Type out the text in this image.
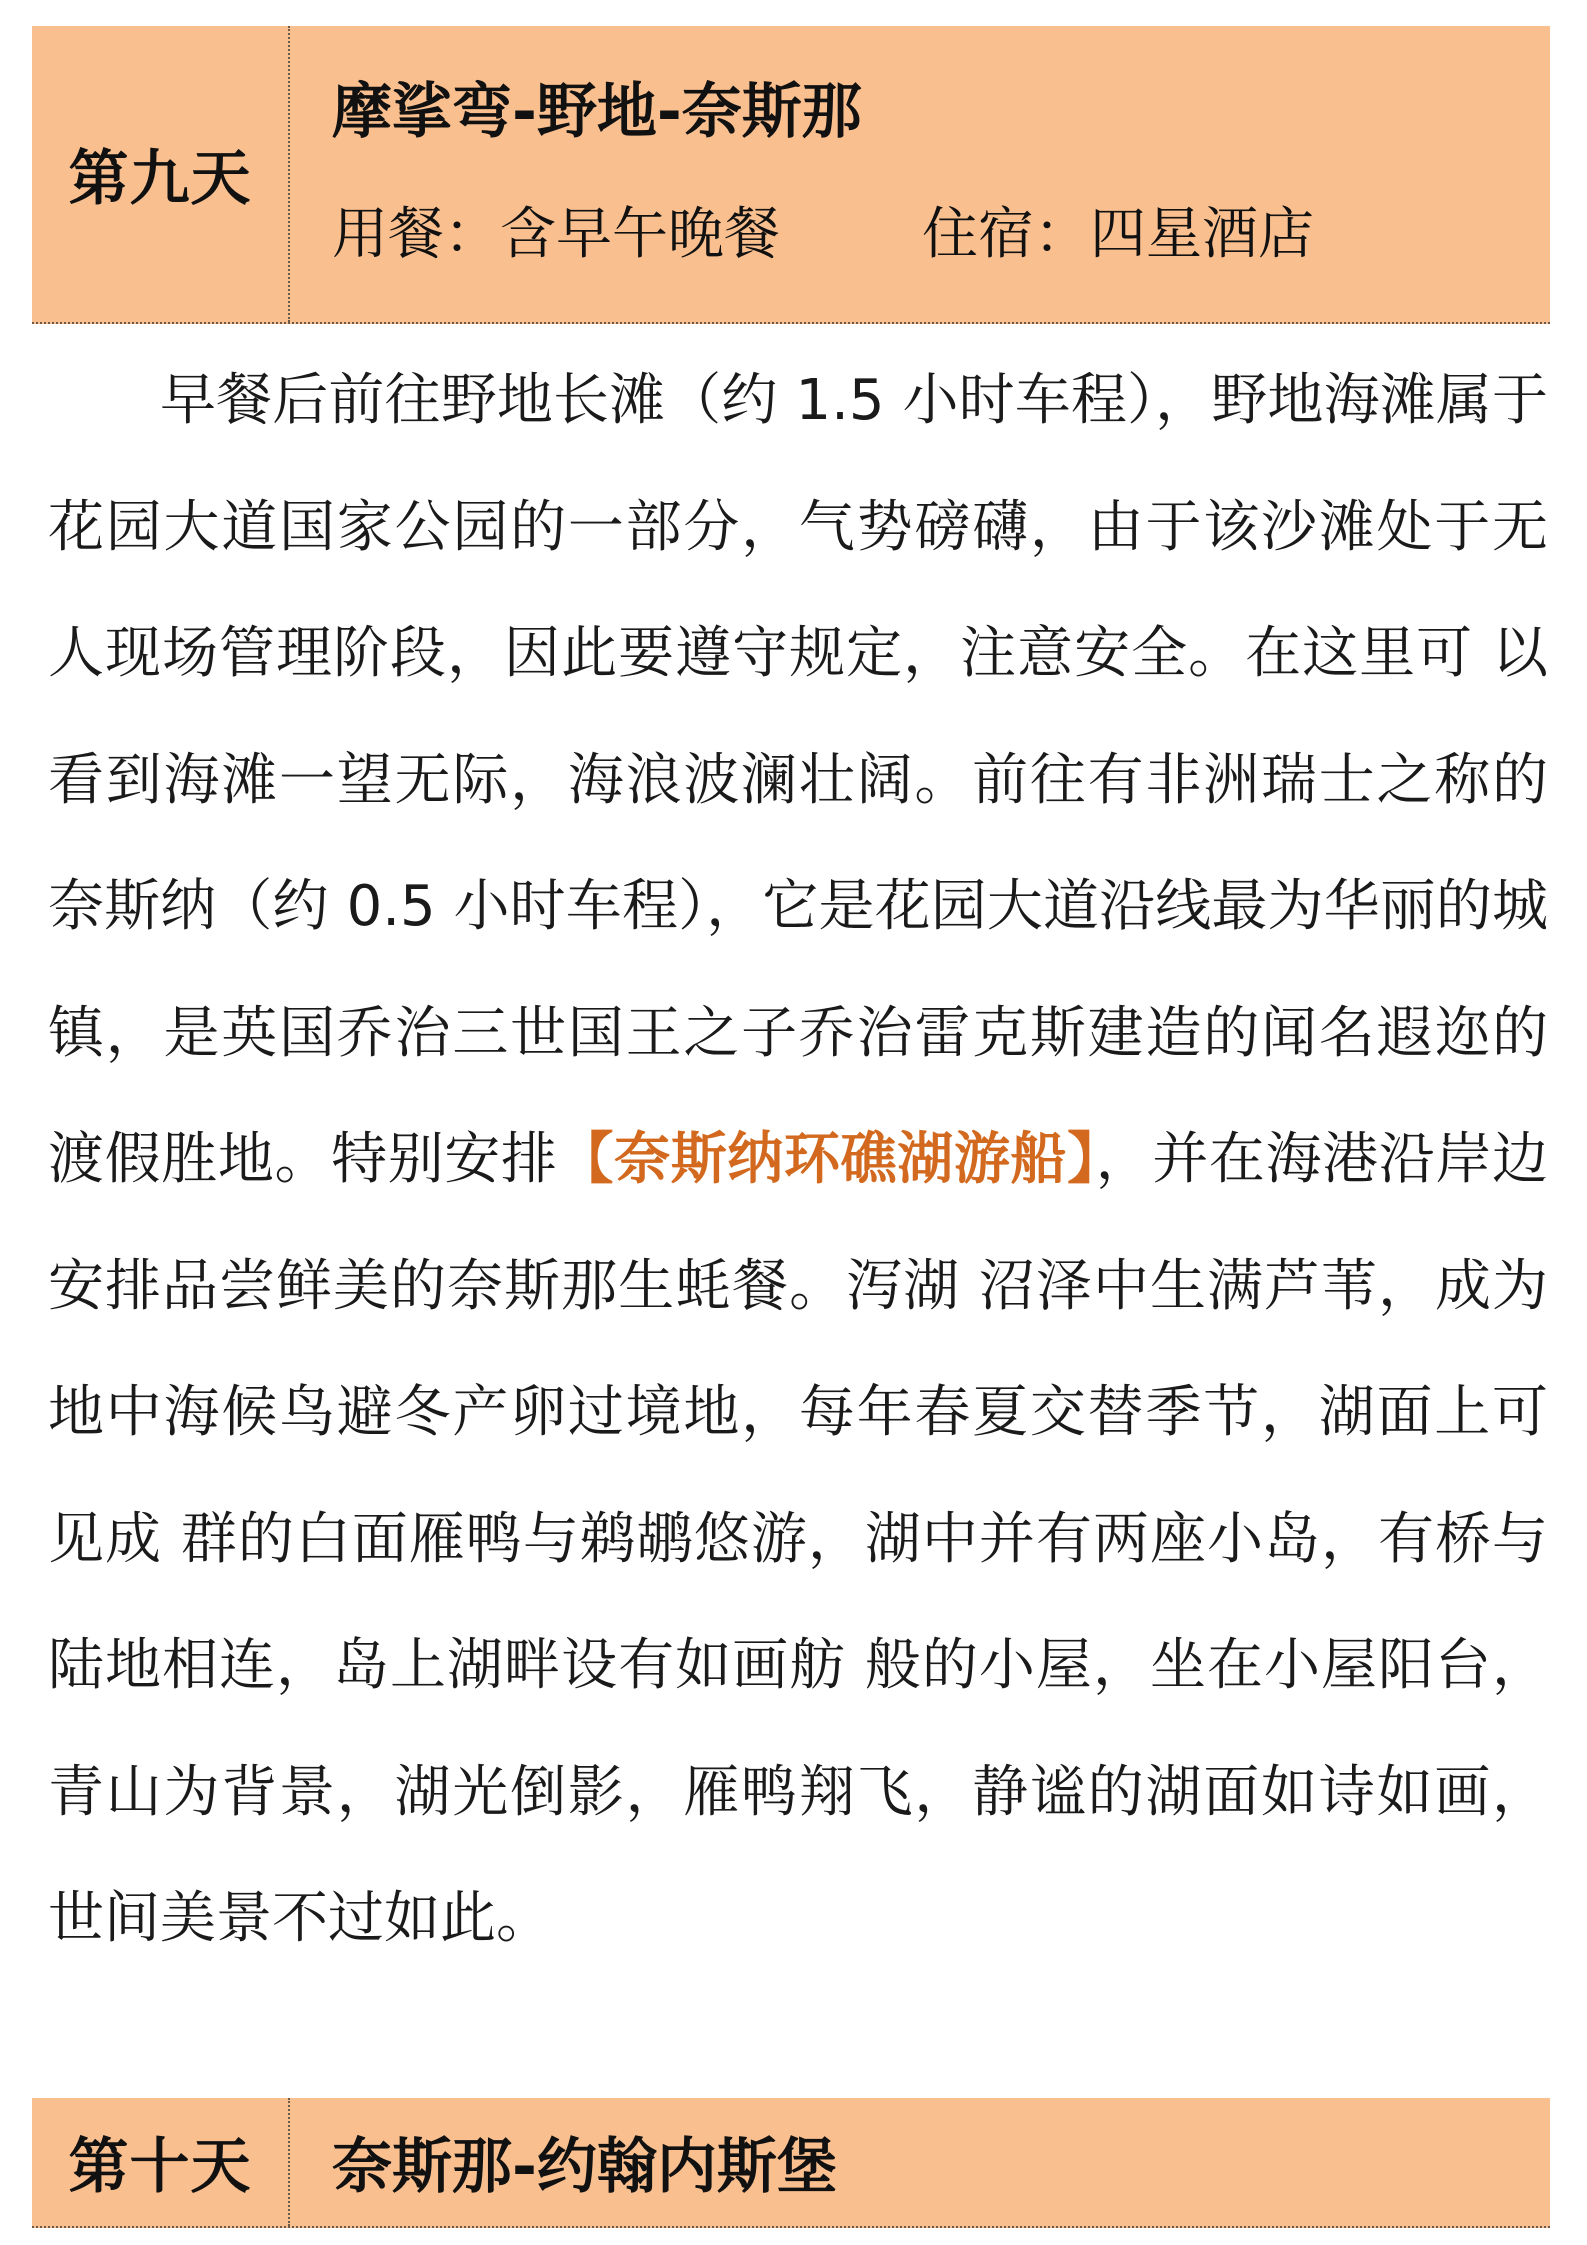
第九天
摩挲弯-野地-奈斯那
用餐：含早午晚餐	住宿：四星酒店

早餐后前往野地长滩（约 1.5 小时车程），野地海滩属于花园大道国家公园的一部分，气势磅礴，由于该沙滩处于无人现场管理阶段，因此要遵守规定，注意安全。在这里可 以看到海滩一望无际，海浪波澜壮阔。前往有非洲瑞士之称的奈斯纳（约 0.5 小时车程），它是花园大道沿线最为华丽的城镇，是英国乔治三世国王之子乔治雷克斯建造的闻名遐迩的渡假胜地。特别安排【奈斯纳环礁湖游船】，并在海港沿岸边安排品尝鲜美的奈斯那生蚝餐。泻湖 沼泽中生满芦苇，成为地中海候鸟避冬产卵过境地，每年春夏交替季节，湖面上可见成 群的白面雁鸭与鹈鹕悠游，湖中并有两座小岛，有桥与陆地相连，岛上湖畔设有如画舫 般的小屋，坐在小屋阳台，青山为背景，湖光倒影，雁鸭翔飞，静谧的湖面如诗如画，世间美景不过如此。

第十天 奈斯那-约翰内斯堡
